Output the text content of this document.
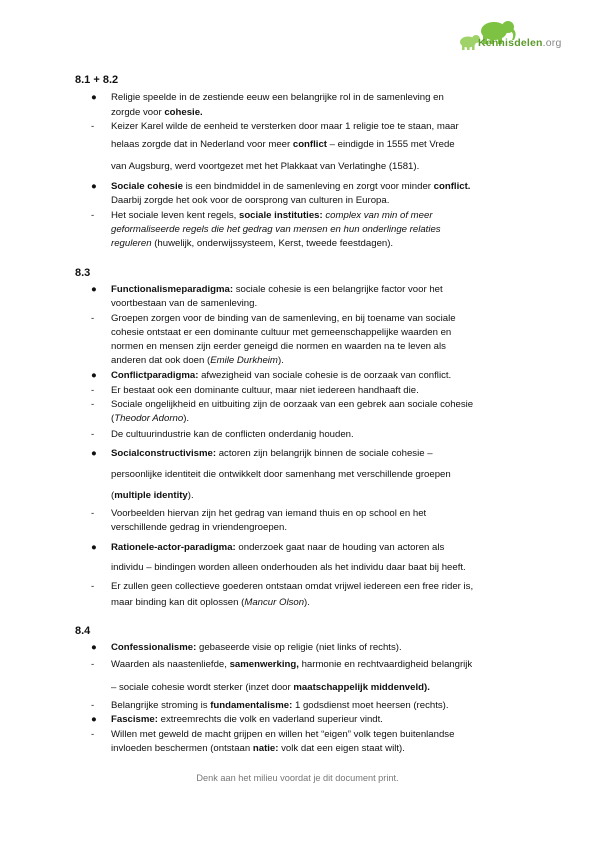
Kennisdelen.org
8.1 + 8.2
● Religie speelde in de zestiende eeuw een belangrijke rol in de samenleving en
zorgde voor cohesie.
- Keizer Karel wilde de eenheid te versterken door maar 1 religie toe te staan, maar
helaas zorgde dat in Nederland voor meer conflict – eindigde in 1555 met Vrede
van Augsburg, werd voortgezet met het Plakkaat van Verlatinghe (1581).
● Sociale cohesie is een bindmiddel in de samenleving en zorgt voor minder conflict.
Daarbij zorgde het ook voor de oorsprong van culturen in Europa.
- Het sociale leven kent regels, sociale instituties: complex van min of meer
geformaliseerde regels die het gedrag van mensen en hun onderlinge relaties
reguleren (huwelijk, onderwijssysteem, Kerst, tweede feestdagen).
8.3
● Functionalismeparadigma: sociale cohesie is een belangrijke factor voor het
voortbestaan van de samenleving.
- Groepen zorgen voor de binding van de samenleving, en bij toename van sociale
cohesie ontstaat er een dominante cultuur met gemeenschappelijke waarden en
normen en mensen zijn eerder geneigd die normen en waarden na te leven als
anderen dat ook doen (Emile Durkheim).
● Conflictparadigma: afwezigheid van sociale cohesie is de oorzaak van conflict.
- Er bestaat ook een dominante cultuur, maar niet iedereen handhaaft die.
- Sociale ongelijkheid en uitbuiting zijn de oorzaak van een gebrek aan sociale cohesie
(Theodor Adorno).
- De cultuurindustrie kan de conflicten onderdanig houden.
● Socialconstructivisme: actoren zijn belangrijk binnen de sociale cohesie –
persoonlijke identiteit die ontwikkelt door samenhang met verschillende groepen
(multiple identity).
- Voorbeelden hiervan zijn het gedrag van iemand thuis en op school en het
verschillende gedrag in vriendengroepen.
● Rationele-actor-paradigma: onderzoek gaat naar de houding van actoren als
individu – bindingen worden alleen onderhouden als het individu daar baat bij heeft.
- Er zullen geen collectieve goederen ontstaan omdat vrijwel iedereen een free rider is,
maar binding kan dit oplossen (Mancur Olson).
8.4
● Confessionalisme: gebaseerde visie op religie (niet links of rechts).
- Waarden als naastenliefde, samenwerking, harmonie en rechtvaardigheid belangrijk
– sociale cohesie wordt sterker (inzet door maatschappelijk middenveld).
- Belangrijke stroming is fundamentalisme: 1 godsdienst moet heersen (rechts).
● Fascisme: extreemrechts die volk en vaderland superieur vindt.
- Willen met geweld de macht grijpen en willen het “eigen” volk tegen buitenlandse
invloeden beschermen (ontstaan natie: volk dat een eigen staat wilt).
Denk aan het milieu voordat je dit document print.
